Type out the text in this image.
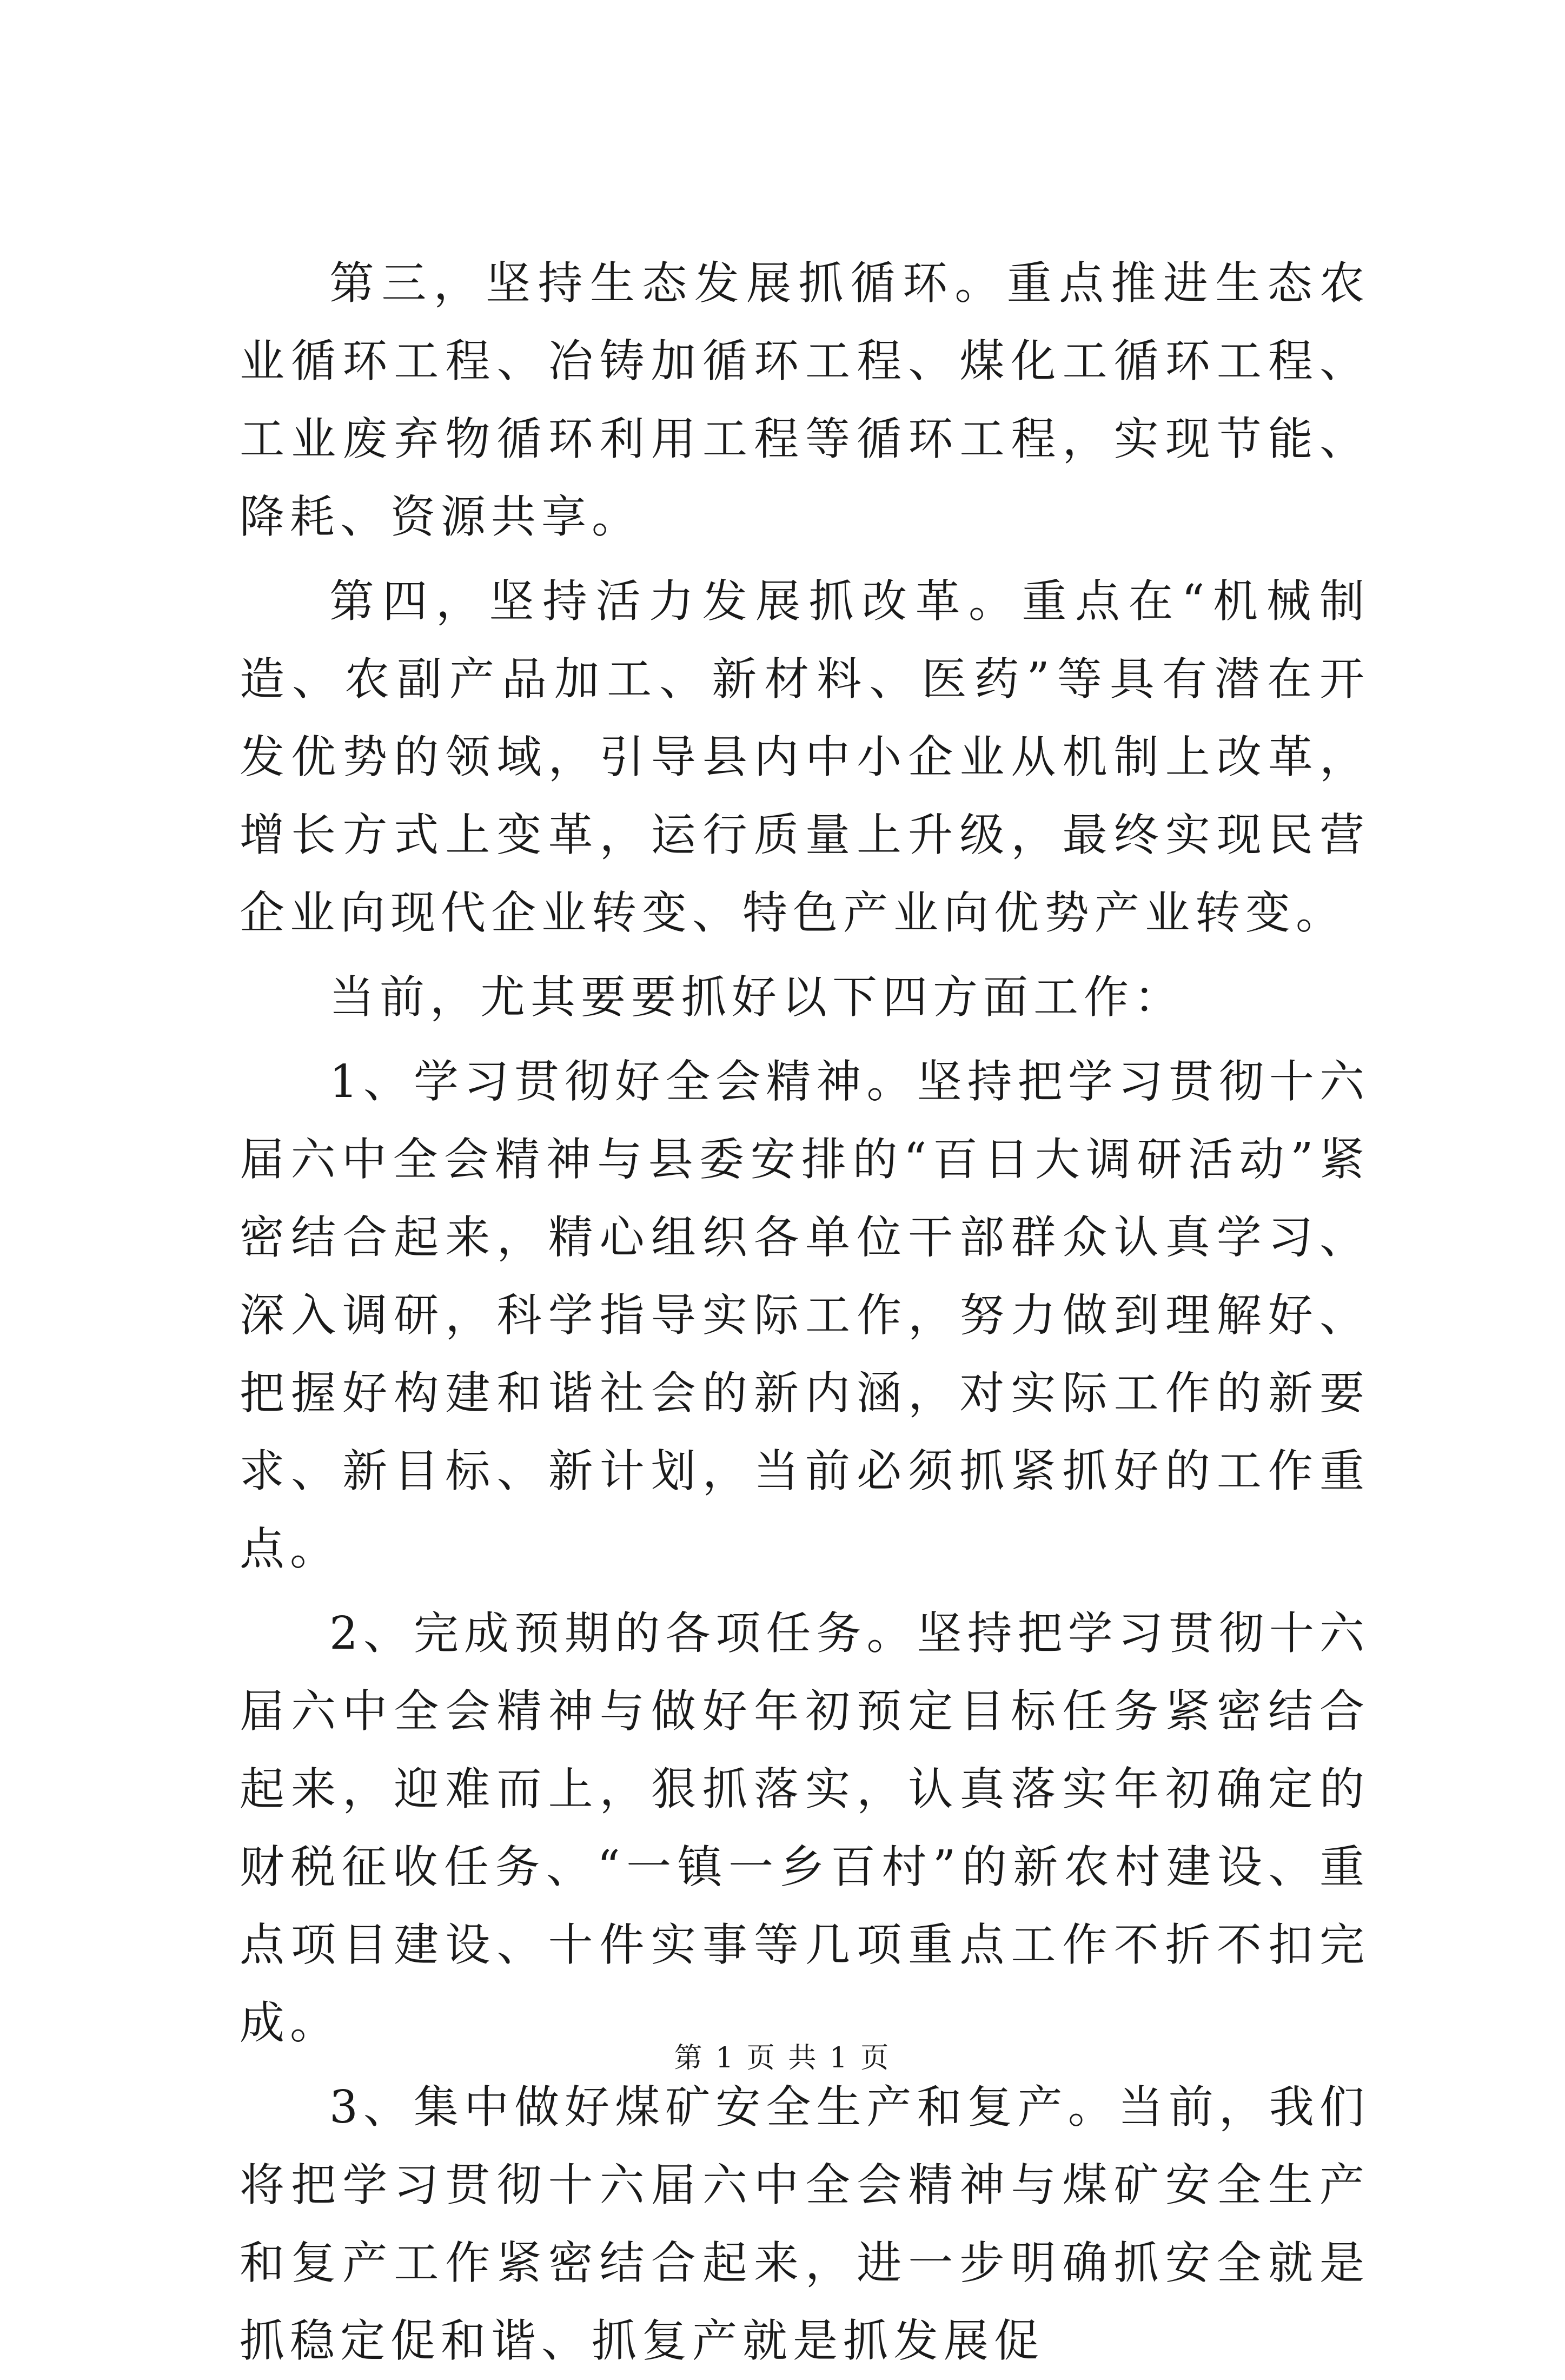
第三，坚持生态发展抓循环。重点推进生态农业循环工程、冶铸加循环工程、煤化工循环工程、工业废弃物循环利用工程等循环工程，实现节能、降耗、资源共享。

第四，坚持活力发展抓改革。重点在“机械制造、农副产品加工、新材料、医药”等具有潜在开发优势的领域，引导县内中小企业从机制上改革，增长方式上变革，运行质量上升级，最终实现民营企业向现代企业转变、特色产业向优势产业转变。

当前，尤其要要抓好以下四方面工作：

1、学习贯彻好全会精神。坚持把学习贯彻十六届六中全会精神与县委安排的“百日大调研活动”紧密结合起来，精心组织各单位干部群众认真学习、深入调研，科学指导实际工作，努力做到理解好、把握好构建和谐社会的新内涵，对实际工作的新要求、新目标、新计划，当前必须抓紧抓好的工作重点。

2、完成预期的各项任务。坚持把学习贯彻十六届六中全会精神与做好年初预定目标任务紧密结合起来，迎难而上，狠抓落实，认真落实年初确定的财税征收任务、“一镇一乡百村”的新农村建设、重点项目建设、十件实事等几项重点工作不折不扣完成。

3、集中做好煤矿安全生产和复产。当前，我们将把学习贯彻十六届六中全会精神与煤矿安全生产和复产工作紧密结合起来，进一步明确抓安全就是抓稳定促和谐、抓复产就是抓发展促

第 1 页 共 1 页
